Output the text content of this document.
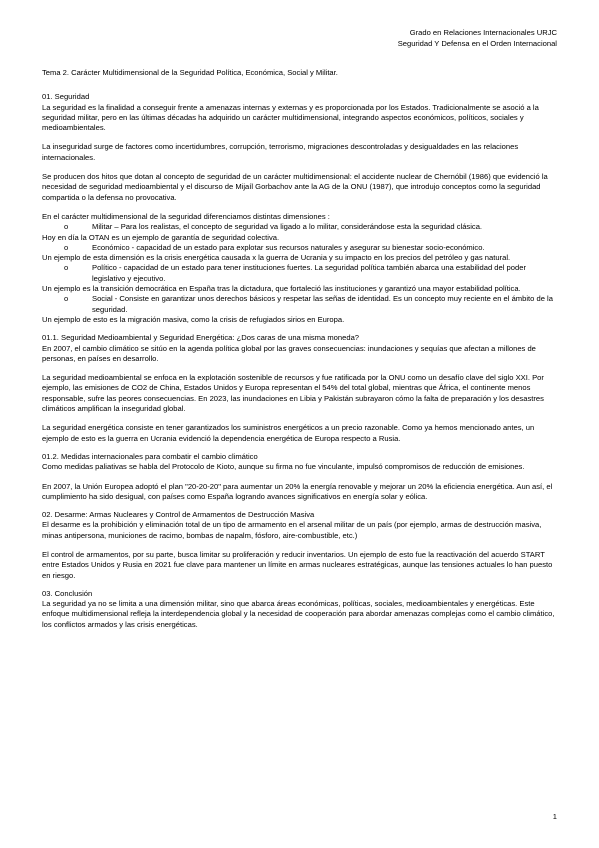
Grado en Relaciones Internacionales URJC
Seguridad Y Defensa en el Orden Internacional

Tema 2. Carácter Multidimensional de la Seguridad Política, Económica, Social y Militar.

01. Seguridad

La seguridad es la finalidad a conseguir frente a amenazas internas y externas y es proporcionada por los Estados. Tradicionalmente se asoció a la seguridad militar, pero en las últimas décadas ha adquirido un carácter multidimensional, integrando aspectos económicos, políticos, sociales y medioambientales.

La inseguridad surge de factores como incertidumbres, corrupción, terrorismo, migraciones descontroladas y desigualdades en las relaciones internacionales.

Se producen dos hitos que dotan al concepto de seguridad de un carácter multidimensional: el accidente nuclear de Chernóbil (1986) que evidenció la necesidad de seguridad medioambiental y el discurso de Mijaíl Gorbachov ante la AG de la ONU (1987), que introdujo conceptos como la seguridad compartida o la defensa no provocativa.

En el carácter multidimensional de la seguridad diferenciamos distintas dimensiones :

o	Militar – Para los realistas, el concepto de seguridad va ligado a lo militar, considerándose esta la seguridad clásica.

Hoy en día la OTAN es un ejemplo de garantía de seguridad colectiva.

o	Económico - capacidad de un estado para explotar sus recursos naturales y asegurar su bienestar socio-económico.

Un ejemplo de esta dimensión es la crisis energética causada x la guerra de Ucrania y su impacto en los precios del petróleo y gas natural.

o	Político - capacidad de un estado para tener instituciones fuertes. La seguridad política también abarca una estabilidad del poder legislativo y ejecutivo.

Un ejemplo es la transición democrática en España tras la dictadura, que fortaleció las instituciones y garantizó una mayor estabilidad política.

o	Social - Consiste en garantizar unos derechos básicos y respetar las señas de identidad. Es un concepto muy reciente en el ámbito de la seguridad.

Un ejemplo de esto es la migración masiva, como la crisis de refugiados sirios en Europa.

01.1. Seguridad Medioambiental y Seguridad Energética: ¿Dos caras de una misma moneda?

En 2007, el cambio climático se sitúo en la agenda política global por las graves consecuencias: inundaciones y sequías que afectan a millones de personas, en países en desarrollo.

La seguridad medioambiental se enfoca en la explotación sostenible de recursos y fue ratificada por la ONU como un desafío clave del siglo XXI. Por ejemplo, las emisiones de CO2 de China, Estados Unidos y Europa representan el 54% del total global, mientras que África, el continente menos responsable, sufre las peores consecuencias. En 2023, las inundaciones en Libia y Pakistán subrayaron cómo la falta de preparación y los desastres climáticos amplifican la inseguridad global.

La seguridad energética consiste en tener garantizados los suministros energéticos a un precio razonable. Como ya hemos mencionado antes, un ejemplo de esto es la guerra en Ucrania evidenció la dependencia energética de Europa respecto a Rusia.

01.2. Medidas internacionales para combatir el cambio climático

Como medidas paliativas se habla del Protocolo de Kioto, aunque su firma no fue vinculante, impulsó compromisos de reducción de emisiones.

En 2007, la Unión Europea adoptó el plan "20-20-20" para aumentar un 20% la energía renovable y mejorar un 20% la eficiencia energética. Aun así, el cumplimiento ha sido desigual, con países como España logrando avances significativos en energía solar y eólica.

02. Desarme: Armas Nucleares y Control de Armamentos de Destrucción Masiva

El desarme es la prohibición y eliminación total de un tipo de armamento en el arsenal militar de un país (por ejemplo, armas de destrucción masiva, minas antipersona, municiones de racimo, bombas de napalm, fósforo, aire-combustible, etc.)

El control de armamentos, por su parte, busca limitar su proliferación y reducir inventarios. Un ejemplo de esto fue la reactivación del acuerdo START entre Estados Unidos y Rusia en 2021 fue clave para mantener un límite en armas nucleares estratégicas, aunque las tensiones actuales lo han puesto en riesgo.

03. Conclusión

La seguridad ya no se limita a una dimensión militar, sino que abarca áreas económicas, políticas, sociales, medioambientales y energéticas. Este enfoque multidimensional refleja la interdependencia global y la necesidad de cooperación para abordar amenazas complejas como el cambio climático, los conflictos armados y las crisis energéticas.

1
